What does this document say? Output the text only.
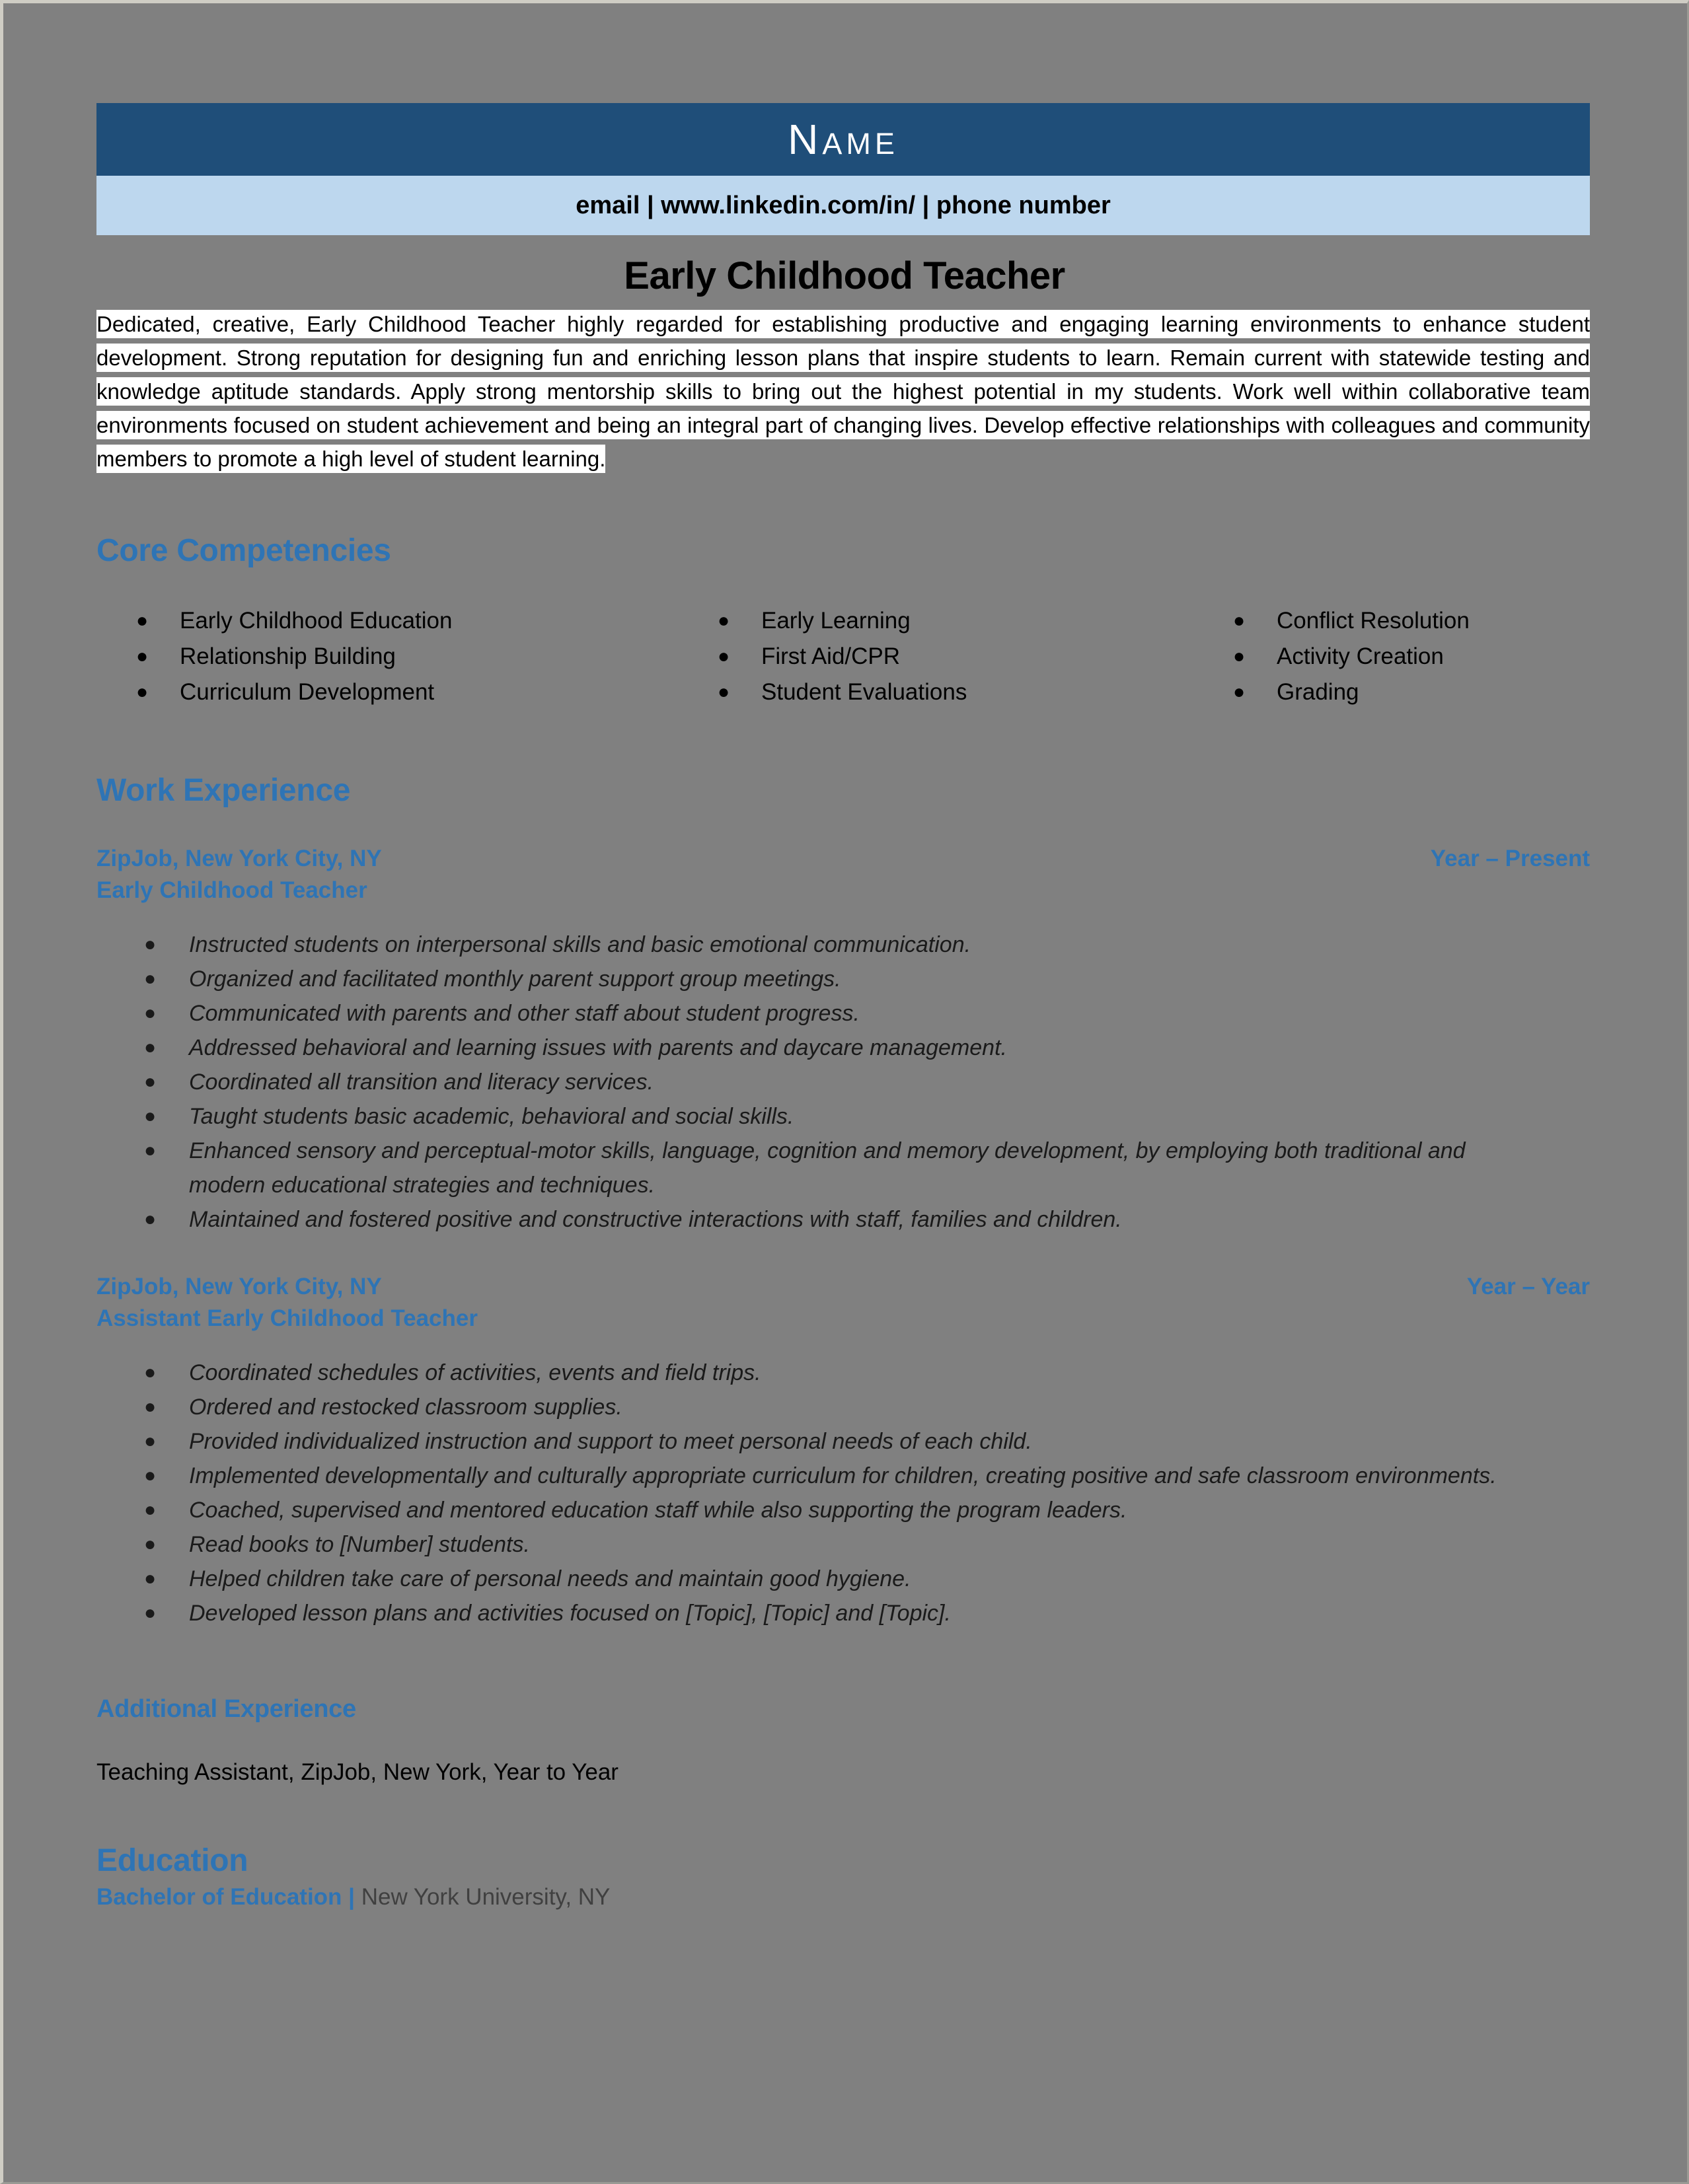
Name
email | www.linkedin.com/in/ | phone number
Early Childhood Teacher
Dedicated, creative, Early Childhood Teacher highly regarded for establishing productive and engaging learning environments to enhance student development. Strong reputation for designing fun and enriching lesson plans that inspire students to learn. Remain current with statewide testing and knowledge aptitude standards. Apply strong mentorship skills to bring out the highest potential in my students. Work well within collaborative team environments focused on student achievement and being an integral part of changing lives. Develop effective relationships with colleagues and community members to promote a high level of student learning.
Core Competencies
●	Early Childhood Education
●	Relationship Building
●	Curriculum Development
●	Early Learning
●	First Aid/CPR
●	Student Evaluations
●	Conflict Resolution
●	Activity Creation
●	Grading
Work Experience
ZipJob, New York City, NY	Year – Present
Early Childhood Teacher
●	Instructed students on interpersonal skills and basic emotional communication.
●	Organized and facilitated monthly parent support group meetings.
●	Communicated with parents and other staff about student progress.
●	Addressed behavioral and learning issues with parents and daycare management.
●	Coordinated all transition and literacy services.
●	Taught students basic academic, behavioral and social skills.
●	Enhanced sensory and perceptual-motor skills, language, cognition and memory development, by employing both traditional and modern educational strategies and techniques.
●	Maintained and fostered positive and constructive interactions with staff, families and children.
ZipJob, New York City, NY	Year – Year
Assistant Early Childhood Teacher
●	Coordinated schedules of activities, events and field trips.
●	Ordered and restocked classroom supplies.
●	Provided individualized instruction and support to meet personal needs of each child.
●	Implemented developmentally and culturally appropriate curriculum for children, creating positive and safe classroom environments.
●	Coached, supervised and mentored education staff while also supporting the program leaders.
●	Read books to [Number] students.
●	Helped children take care of personal needs and maintain good hygiene.
●	Developed lesson plans and activities focused on [Topic], [Topic] and [Topic].
Additional Experience
Teaching Assistant, ZipJob, New York, Year to Year
Education
Bachelor of Education | New York University, NY
